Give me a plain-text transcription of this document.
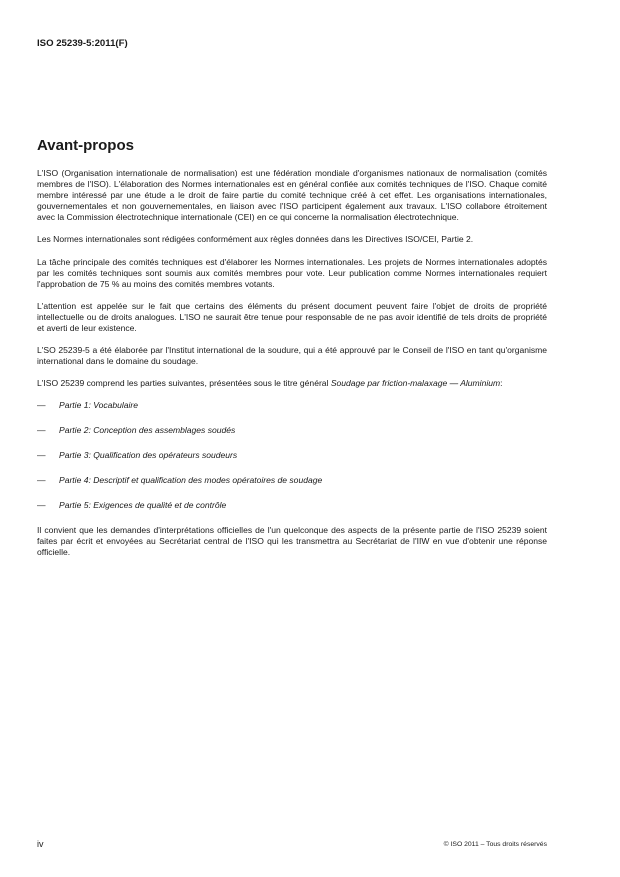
ISO 25239-5:2011(F)
Avant-propos

L'ISO (Organisation internationale de normalisation) est une fédération mondiale d'organismes nationaux de normalisation (comités membres de l'ISO). L'élaboration des Normes internationales est en général confiée aux comités techniques de l'ISO. Chaque comité membre intéressé par une étude a le droit de faire partie du comité technique créé à cet effet. Les organisations internationales, gouvernementales et non gouvernementales, en liaison avec l'ISO participent également aux travaux. L'ISO collabore étroitement avec la Commission électrotechnique internationale (CEI) en ce qui concerne la normalisation électrotechnique.

Les Normes internationales sont rédigées conformément aux règles données dans les Directives ISO/CEI, Partie 2.

La tâche principale des comités techniques est d'élaborer les Normes internationales. Les projets de Normes internationales adoptés par les comités techniques sont soumis aux comités membres pour vote. Leur publication comme Normes internationales requiert l'approbation de 75 % au moins des comités membres votants.

L'attention est appelée sur le fait que certains des éléments du présent document peuvent faire l'objet de droits de propriété intellectuelle ou de droits analogues. L'ISO ne saurait être tenue pour responsable de ne pas avoir identifié de tels droits de propriété et averti de leur existence.

L'SO 25239-5 a été élaborée par l'Institut international de la soudure, qui a été approuvé par le Conseil de l'ISO en tant qu'organisme international dans le domaine du soudage.

L'ISO 25239 comprend les parties suivantes, présentées sous le titre général Soudage par friction-malaxage — Aluminium:

— Partie 1: Vocabulaire
— Partie 2: Conception des assemblages soudés
— Partie 3: Qualification des opérateurs soudeurs
— Partie 4: Descriptif et qualification des modes opératoires de soudage
— Partie 5: Exigences de qualité et de contrôle

Il convient que les demandes d'interprétations officielles de l'un quelconque des aspects de la présente partie de l'ISO 25239 soient faites par écrit et envoyées au Secrétariat central de l'ISO qui les transmettra au Secrétariat de l'IIW en vue d'obtenir une réponse officielle.

iv	© ISO 2011 – Tous droits réservés
